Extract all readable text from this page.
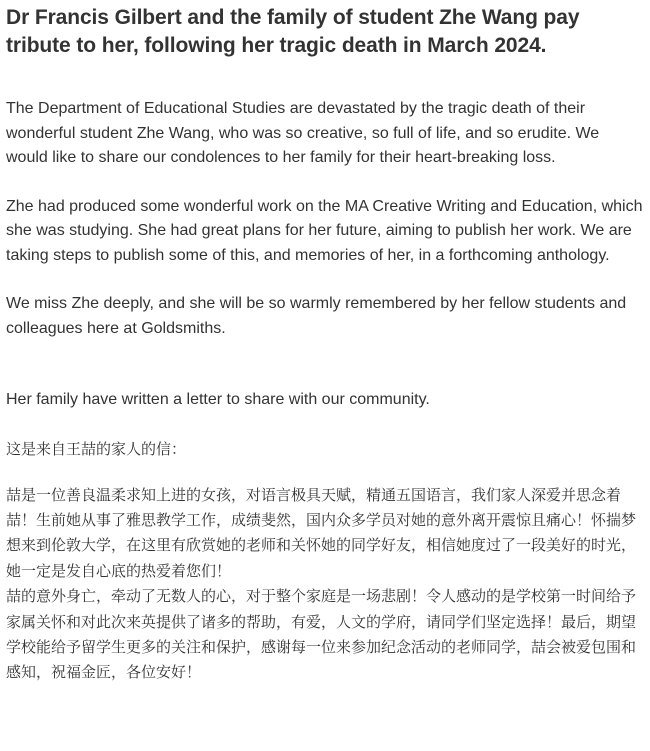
Dr Francis Gilbert and the family of student Zhe Wang pay tribute to her, following her tragic death in March 2024.

The Department of Educational Studies are devastated by the tragic death of their wonderful student Zhe Wang, who was so creative, so full of life, and so erudite. We would like to share our condolences to her family for their heart-breaking loss.

Zhe had produced some wonderful work on the MA Creative Writing and Education, which she was studying. She had great plans for her future, aiming to publish her work. We are taking steps to publish some of this, and memories of her, in a forthcoming anthology.

We miss Zhe deeply, and she will be so warmly remembered by her fellow students and colleagues here at Goldsmiths.

Her family have written a letter to share with our community.

这是来自王喆的家人的信：

喆是一位善良温柔求知上进的女孩，对语言极具天赋，精通五国语言，我们家人深爱并思念着喆！生前她从事了雅思教学工作，成绩斐然，国内众多学员对她的意外离开震惊且痛心！怀揣梦想来到伦敦大学，在这里有欣赏她的老师和关怀她的同学好友，相信她度过了一段美好的时光，她一定是发自心底的热爱着您们！

喆的意外身亡，牵动了无数人的心，对于整个家庭是一场悲剧！令人感动的是学校第一时间给予家属关怀和对此次来英提供了诸多的帮助，有爱，人文的学府，请同学们坚定选择！最后，期望学校能给予留学生更多的关注和保护，感谢每一位来参加纪念活动的老师同学，喆会被爱包围和感知，祝福金匠，各位安好！
